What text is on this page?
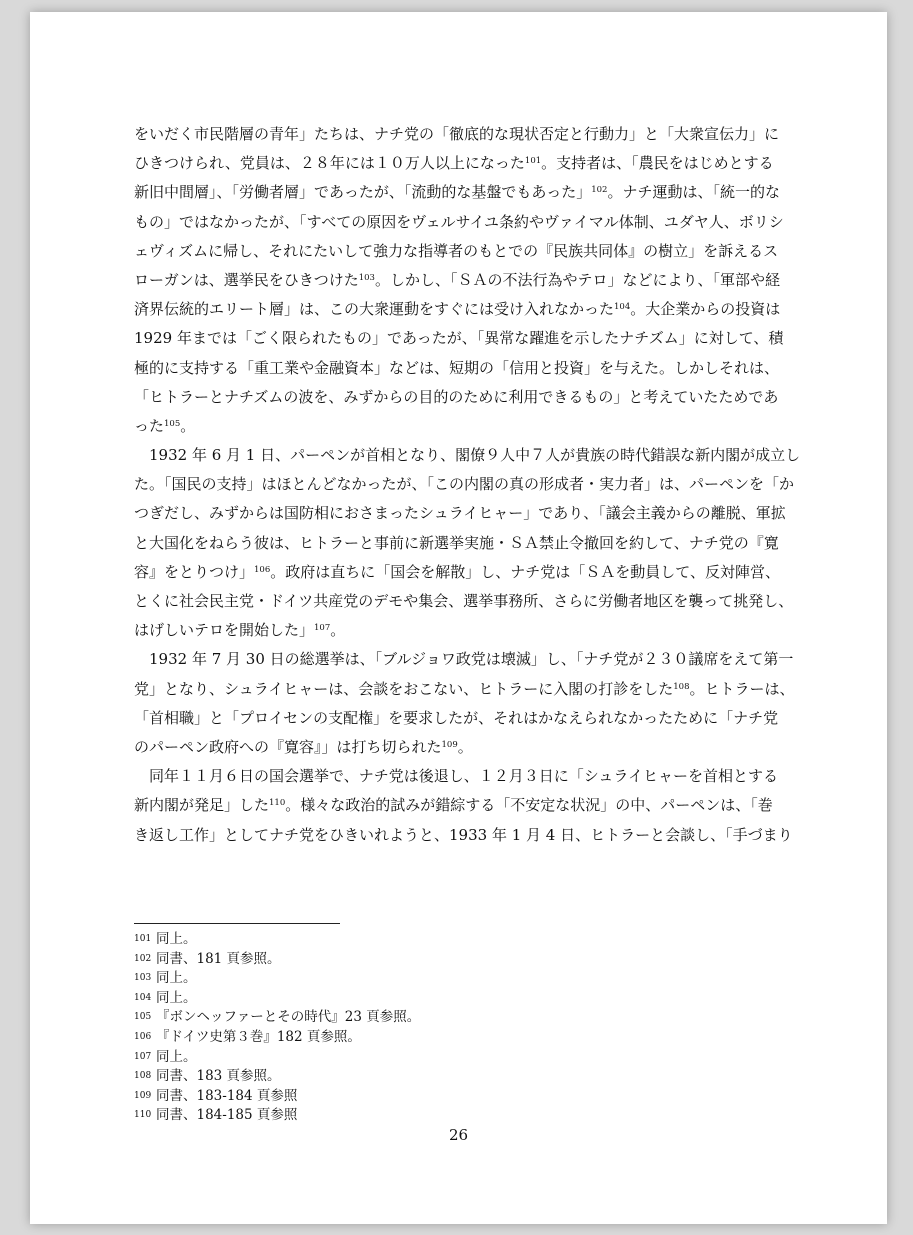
をいだく市民階層の青年」たちは、ナチ党の「徹底的な現状否定と行動力」と「大衆宣伝力」に
ひきつけられ、党員は、２８年には１０万人以上になった$^{101}$。支持者は、「農民をはじめとする
新旧中間層」、「労働者層」であったが、「流動的な基盤でもあった」$^{102}$。ナチ運動は、「統一的な
もの」ではなかったが、「すべての原因をヴェルサイユ条約やヴァイマル体制、ユダヤ人、ボリシ
ェヴィズムに帰し、それにたいして強力な指導者のもとでの『民族共同体』の樹立」を訴えるス
ローガンは、選挙民をひきつけた$^{103}$。しかし、「ＳＡの不法行為やテロ」などにより、「軍部や経
済界伝統的エリート層」は、この大衆運動をすぐには受け入れなかった$^{104}$。大企業からの投資は
1929 年までは「ごく限られたもの」であったが、「異常な躍進を示したナチズム」に対して、積
極的に支持する「重工業や金融資本」などは、短期の「信用と投資」を与えた。しかしそれは、
「ヒトラーとナチズムの波を、みずからの目的のために利用できるもの」と考えていたためであ
った$^{105}$。
1932 年 6 月 1 日、パーペンが首相となり、閣僚９人中７人が貴族の時代錯誤な新内閣が成立し
た。「国民の支持」はほとんどなかったが、「この内閣の真の形成者・実力者」は、パーペンを「か
つぎだし、みずからは国防相におさまったシュライヒャー」であり、「議会主義からの離脱、軍拡
と大国化をねらう彼は、ヒトラーと事前に新選挙実施・ＳＡ禁止令撤回を約して、ナチ党の『寛
容』をとりつけ」$^{106}$。政府は直ちに「国会を解散」し、ナチ党は「ＳＡを動員して、反対陣営、
とくに社会民主党・ドイツ共産党のデモや集会、選挙事務所、さらに労働者地区を襲って挑発し、
はげしいテロを開始した」$^{107}$。
1932 年 7 月 30 日の総選挙は、「ブルジョワ政党は壊滅」し、「ナチ党が２３０議席をえて第一
党」となり、シュライヒャーは、会談をおこない、ヒトラーに入閣の打診をした$^{108}$。ヒトラーは、
「首相職」と「プロイセンの支配権」を要求したが、それはかなえられなかったために「ナチ党
のパーペン政府への『寛容』」は打ち切られた$^{109}$。
同年１１月６日の国会選挙で、ナチ党は後退し、１２月３日に「シュライヒャーを首相とする
新内閣が発足」した$^{110}$。様々な政治的試みが錯綜する「不安定な状況」の中、パーペンは、「巻
き返し工作」としてナチ党をひきいれようと、1933 年 1 月 4 日、ヒトラーと会談し、「手づまり
101 同上。
102 同書、181 頁参照。
103 同上。
104 同上。
105 『ボンヘッファーとその時代』23 頁参照。
106 『ドイツ史第３巻』182 頁参照。
107 同上。
108 同書、183 頁参照。
109 同書、183-184 頁参照
110 同書、184-185 頁参照
26
